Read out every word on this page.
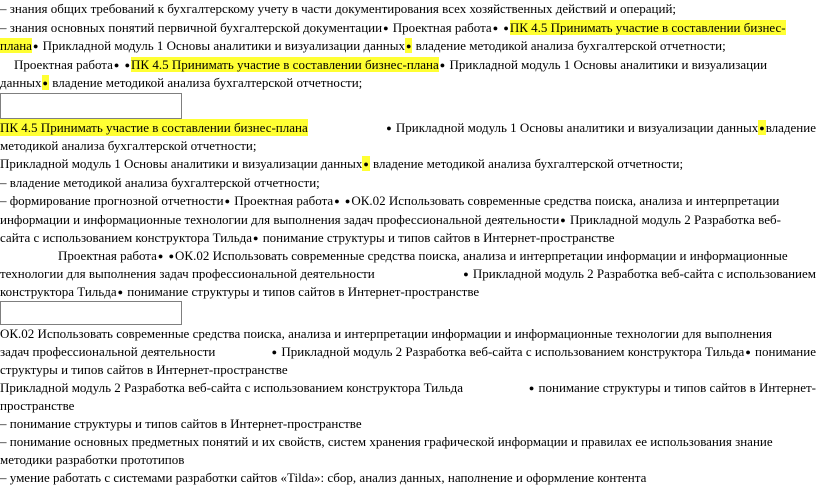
– знания общих требований к бухгалтерскому учету в части документирования всех хозяйственных действий и операций;
– знания основных понятий первичной бухгалтерской документации ● Проектная работа ● ● ПК 4.5 Принимать участие в составлении бизнес-
плана ● Прикладной модуль 1 Основы аналитики и визуализации данных ● владение методикой анализа бухгалтерской отчетности;
Проектная работа ● ● ПК 4.5 Принимать участие в составлении бизнес-плана ● Прикладной модуль 1 Основы аналитики и визуализации
данных ● владение методикой анализа бухгалтерской отчетности;
ПК 4.5 Принимать участие в составлении бизнес-плана ●	Прикладной модуль 1 Основы аналитики и визуализации данных ● владение
методикой анализа бухгалтерской отчетности;
Прикладной модуль 1 Основы аналитики и визуализации данных ● владение методикой анализа бухгалтерской отчетности;
– владение методикой анализа бухгалтерской отчетности;
– формирование прогнозной отчетности ● Проектная работа ● ● ОК.02 Использовать современные средства поиска, анализа и интерпретации
информации и информационные технологии для выполнения задач профессиональной деятельности ● Прикладной модуль 2 Разработка веб-
сайта с использованием конструктора Тильда ● понимание структуры и типов сайтов в Интернет-пространстве
Проектная работа ● ● ОК.02 Использовать современные средства поиска, анализа и интерпретации информации и информационные
технологии для выполнения задач профессиональной деятельности ●	Прикладной модуль 2 Разработка веб-сайта с использованием
конструктора Тильда ● понимание структуры и типов сайтов в Интернет-пространстве
ОК.02 Использовать современные средства поиска, анализа и интерпретации информации и информационные технологии для выполнения
задач профессиональной деятельности ●	Прикладной модуль 2 Разработка веб-сайта с использованием конструктора Тильда ● понимание
структуры и типов сайтов в Интернет-пространстве
Прикладной модуль 2 Разработка веб-сайта с использованием конструктора Тильда ●	понимание структуры и типов сайтов в Интернет-
пространстве
– понимание структуры и типов сайтов в Интернет-пространстве
– понимание основных предметных понятий и их свойств, систем хранения графической информации и правилах ее использования знание
методики разработки прототипов
– умение работать с системами разработки сайтов «Tilda»: сбор, анализ данных, наполнение и оформление контента
